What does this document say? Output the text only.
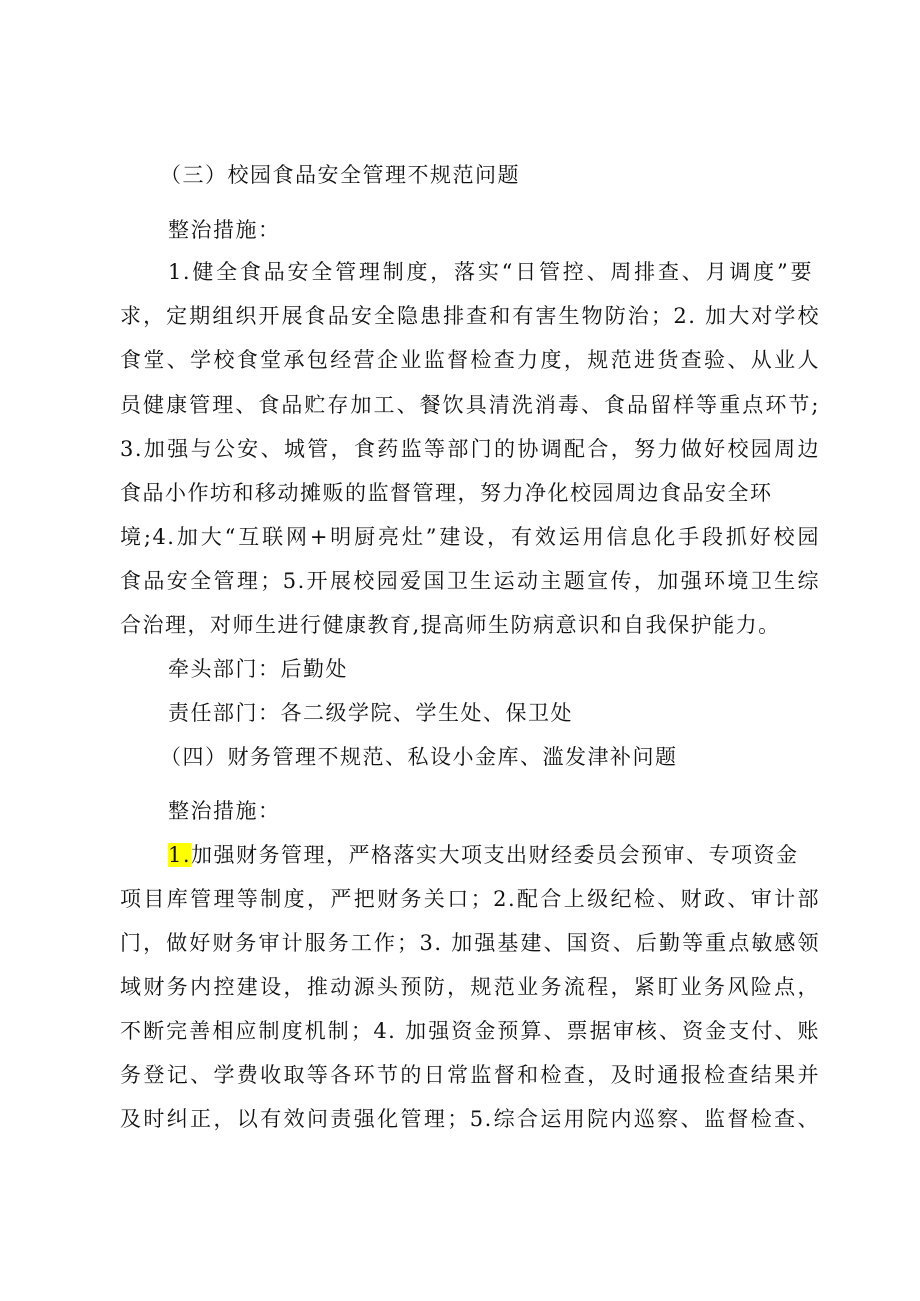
（三）校园食品安全管理不规范问题
整治措施：
1.健全食品安全管理制度，落实“日管控、周排查、月调度”要
求，定期组织开展食品安全隐患排查和有害生物防治；2. 加大对学校
食堂、学校食堂承包经营企业监督检查力度，规范进货查验、从业人
员健康管理、食品贮存加工、餐饮具清洗消毒、食品留样等重点环节;
3.加强与公安、城管，食药监等部门的协调配合，努力做好校园周边
食品小作坊和移动摊贩的监督管理，努力净化校园周边食品安全环
境;4.加大“互联网+明厨亮灶”建设，有效运用信息化手段抓好校园
食品安全管理；5.开展校园爱国卫生运动主题宣传，加强环境卫生综
合治理，对师生进行健康教育,提高师生防病意识和自我保护能力。
牵头部门：后勤处
责任部门：各二级学院、学生处、保卫处
（四）财务管理不规范、私设小金库、滥发津补问题
整治措施：
1.加强财务管理，严格落实大项支出财经委员会预审、专项资金
项目库管理等制度，严把财务关口；2.配合上级纪检、财政、审计部
门，做好财务审计服务工作；3. 加强基建、国资、后勤等重点敏感领
域财务内控建设，推动源头预防，规范业务流程，紧盯业务风险点，
不断完善相应制度机制；4. 加强资金预算、票据审核、资金支付、账
务登记、学费收取等各环节的日常监督和检查，及时通报检查结果并
及时纠正，以有效问责强化管理；5.综合运用院内巡察、监督检查、
